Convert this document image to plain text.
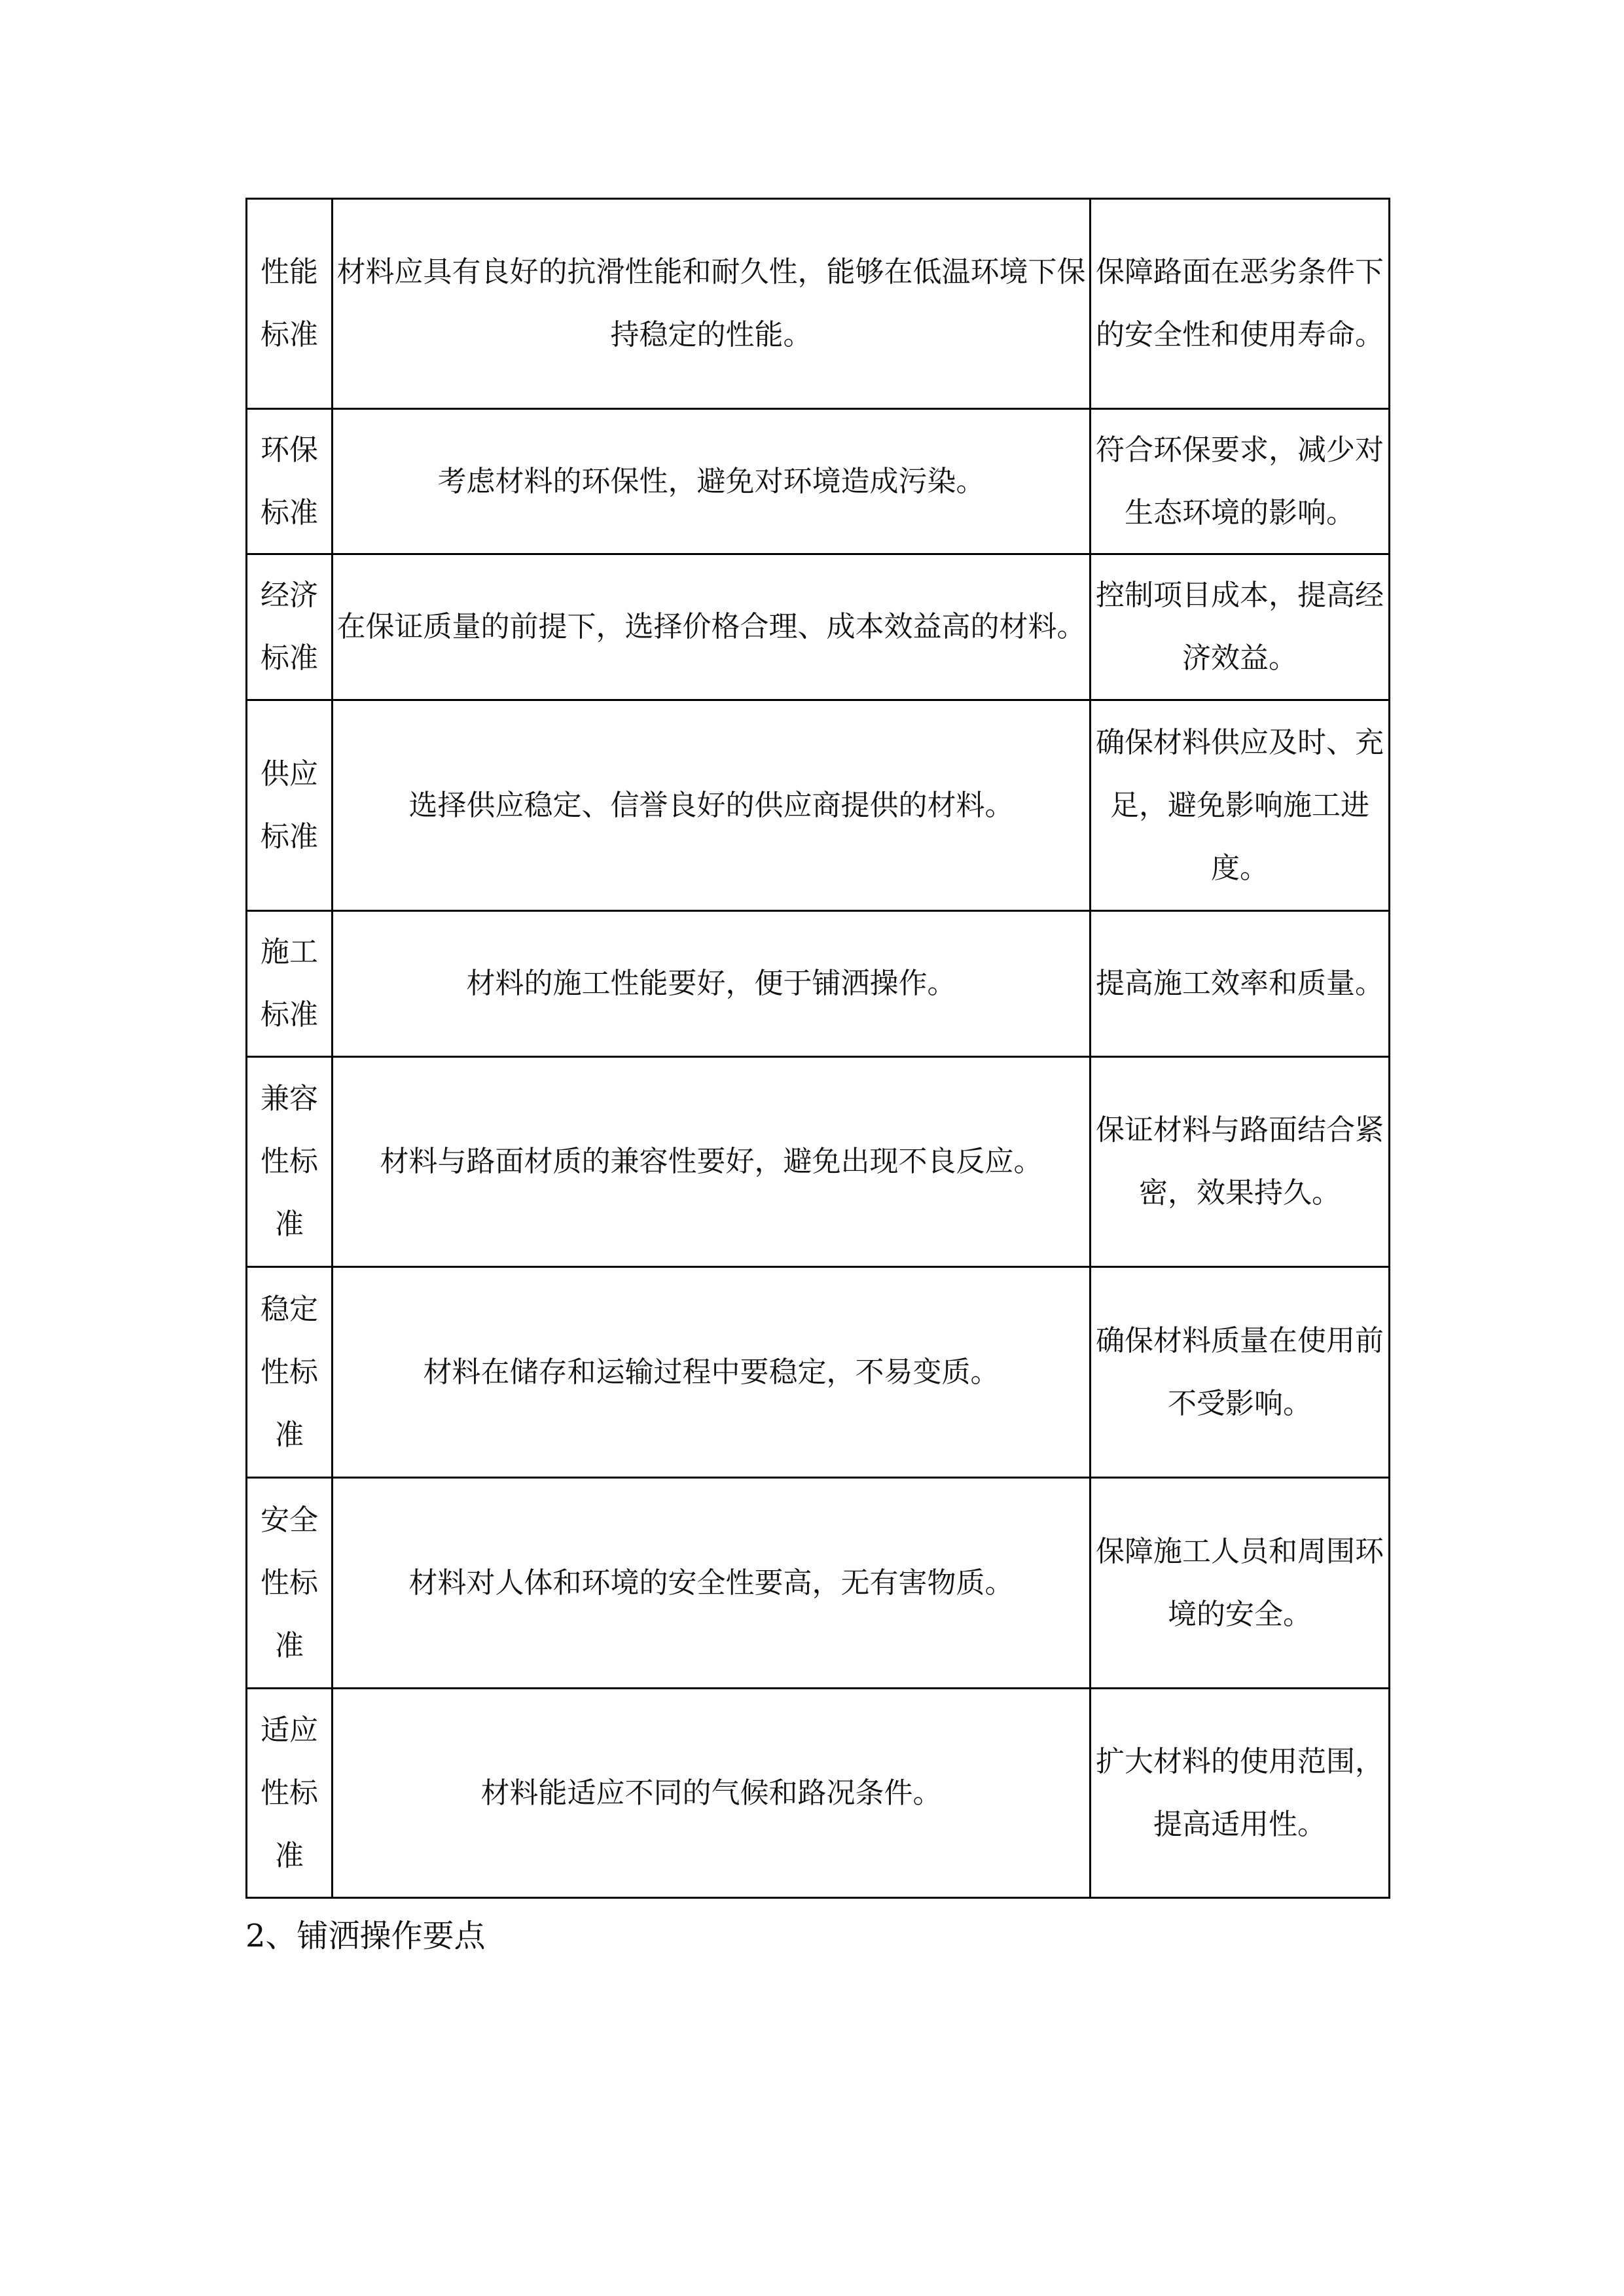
性能标准	材料应具有良好的抗滑性能和耐久性，能够在低温环境下保持稳定的性能。	保障路面在恶劣条件下的安全性和使用寿命。
环保标准	考虑材料的环保性，避免对环境造成污染。	符合环保要求，减少对生态环境的影响。
经济标准	在保证质量的前提下，选择价格合理、成本效益高的材料。	控制项目成本，提高经济效益。
供应标准	选择供应稳定、信誉良好的供应商提供的材料。	确保材料供应及时、充足，避免影响施工进度。
施工标准	材料的施工性能要好，便于铺洒操作。	提高施工效率和质量。
兼容性标准	材料与路面材质的兼容性要好，避免出现不良反应。	保证材料与路面结合紧密，效果持久。
稳定性标准	材料在储存和运输过程中要稳定，不易变质。	确保材料质量在使用前不受影响。
安全性标准	材料对人体和环境的安全性要高，无有害物质。	保障施工人员和周围环境的安全。
适应性标准	材料能适应不同的气候和路况条件。	扩大材料的使用范围，提高适用性。
2、铺洒操作要点
